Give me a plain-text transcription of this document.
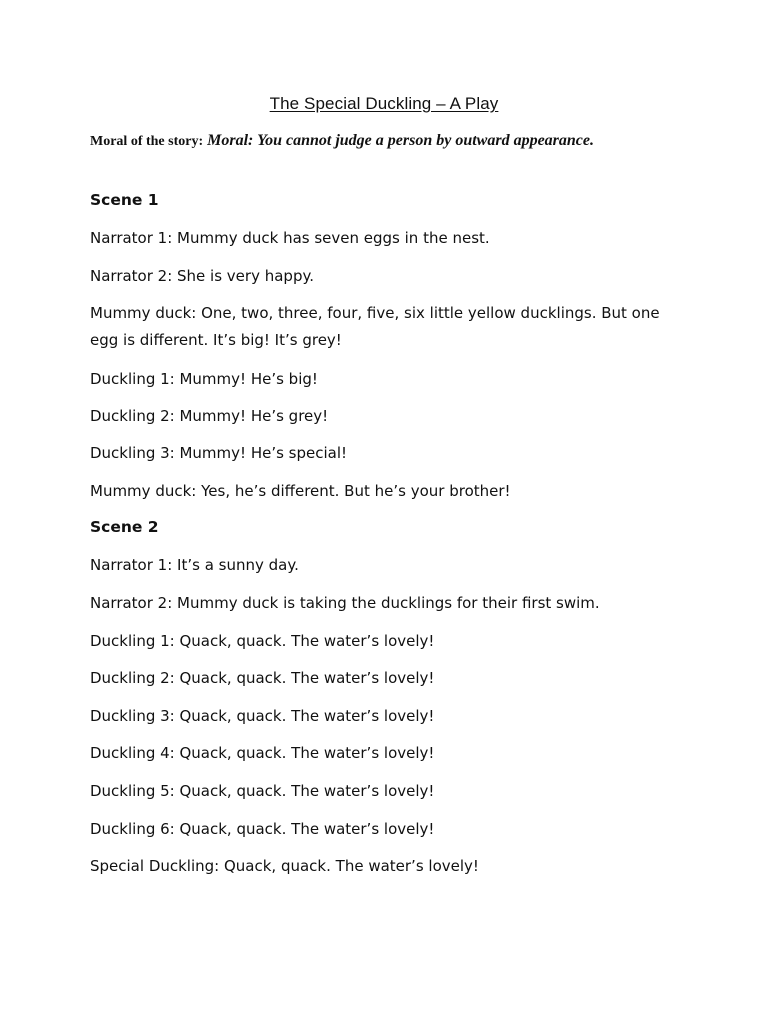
The Special Duckling – A Play
Moral of the story: Moral: You cannot judge a person by outward appearance.
Scene 1
Narrator 1: Mummy duck has seven eggs in the nest.
Narrator 2: She is very happy.
Mummy duck: One, two, three, four, five, six little yellow ducklings. But one egg is different. It’s big! It’s grey!
Duckling 1: Mummy! He’s big!
Duckling 2: Mummy! He’s grey!
Duckling 3: Mummy! He’s special!
Mummy duck: Yes, he’s different. But he’s your brother!
Scene 2
Narrator 1: It’s a sunny day.
Narrator 2: Mummy duck is taking the ducklings for their first swim.
Duckling 1: Quack, quack. The water’s lovely!
Duckling 2: Quack, quack. The water’s lovely!
Duckling 3: Quack, quack. The water’s lovely!
Duckling 4: Quack, quack. The water’s lovely!
Duckling 5: Quack, quack. The water’s lovely!
Duckling 6: Quack, quack. The water’s lovely!
Special Duckling: Quack, quack. The water’s lovely!
